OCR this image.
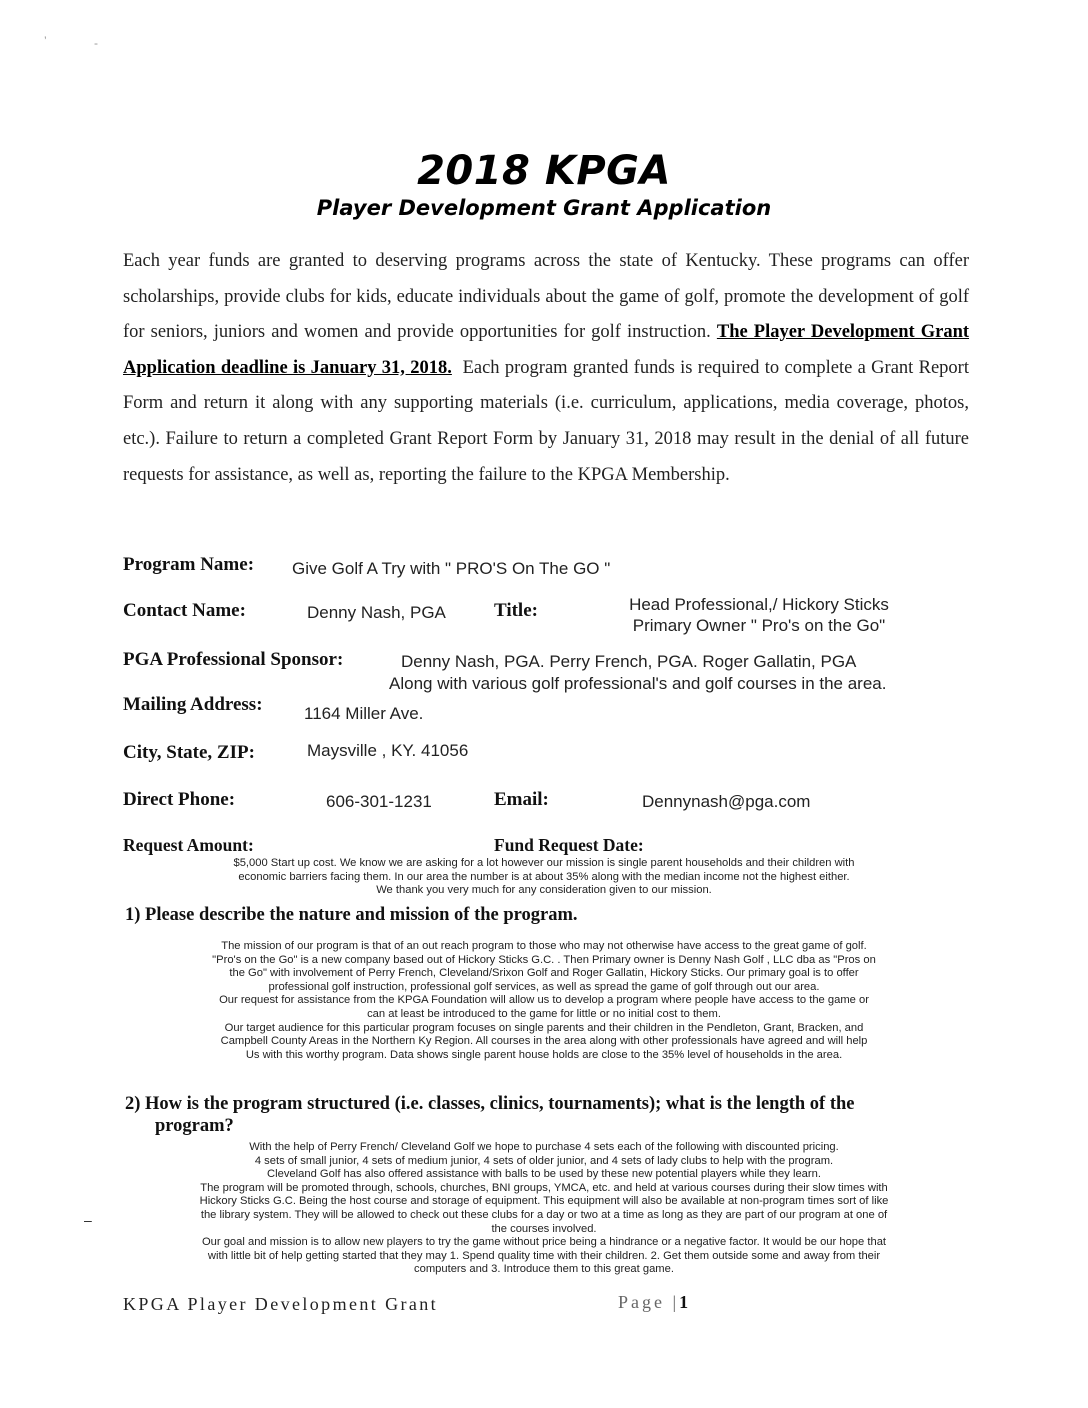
’	-
2018 KPGA
Player Development Grant Application
Each year funds are granted to deserving programs across the state of Kentucky. These programs can offer scholarships, provide clubs for kids, educate individuals about the game of golf, promote the development of golf for seniors, juniors and women and provide opportunities for golf instruction. The Player Development Grant Application deadline is January 31, 2018. Each program granted funds is required to complete a Grant Report Form and return it along with any supporting materials (i.e. curriculum, applications, media coverage, photos, etc.). Failure to return a completed Grant Report Form by January 31, 2018 may result in the denial of all future requests for assistance, as well as, reporting the failure to the KPGA Membership.
Program Name: Give Golf A Try with " PRO'S On The GO "
Contact Name:	Denny Nash, PGA	Title:	Head Professional,/ Hickory Sticks
Primary Owner " Pro's on the Go"
PGA Professional Sponsor:	Denny Nash, PGA. Perry French, PGA. Roger Gallatin, PGA
Along with various golf professional's and golf courses in the area.
Mailing Address: 1164 Miller Ave.
City, State, ZIP:	Maysville , KY. 41056
Direct Phone:	606-301-1231	Email:	Dennynash@pga.com
Request Amount:	Fund Request Date:
$5,000 Start up cost. We know we are asking for a lot however our mission is single parent households and their children with
economic barriers facing them. In our area the number is at about 35% along with the median income not the highest either.
We thank you very much for any consideration given to our mission.
1) Please describe the nature and mission of the program.
The mission of our program is that of an out reach program to those who may not otherwise have access to the great game of golf.
"Pro's on the Go" is a new company based out of Hickory Sticks G.C. . Then Primary owner is Denny Nash Golf , LLC dba as "Pros on
the Go" with involvement of Perry French, Cleveland/Srixon Golf and Roger Gallatin, Hickory Sticks. Our primary goal is to offer
professional golf instruction, professional golf services, as well as spread the game of golf through out our area.
Our request for assistance from the KPGA Foundation will allow us to develop a program where people have access to the game or
can at least be introduced to the game for little or no initial cost to them.
Our target audience for this particular program focuses on single parents and their children in the Pendleton, Grant, Bracken, and
Campbell County Areas in the Northern Ky Region. All courses in the area along with other professionals have agreed and will help
Us with this worthy program. Data shows single parent house holds are close to the 35% level of households in the area.
2) How is the program structured (i.e. classes, clinics, tournaments); what is the length of the
program?
With the help of Perry French/ Cleveland Golf we hope to purchase 4 sets each of the following with discounted pricing.
4 sets of small junior, 4 sets of medium junior, 4 sets of older junior, and 4 sets of lady clubs to help with the program.
Cleveland Golf has also offered assistance with balls to be used by these new potential players while they learn.
The program will be promoted through, schools, churches, BNI groups, YMCA, etc. and held at various courses during their slow times with
Hickory Sticks G.C. Being the host course and storage of equipment. This equipment will also be available at non-program times sort of like
the library system. They will be allowed to check out these clubs for a day or two at a time as long as they are part of our program at one of
the courses involved.
Our goal and mission is to allow new players to try the game without price being a hindrance or a negative factor. It would be our hope that
with little bit of help getting started that they may 1. Spend quality time with their children. 2. Get them outside some and away from their
computers and 3. Introduce them to this great game.
–
KPGA Player Development Grant	Page |1
